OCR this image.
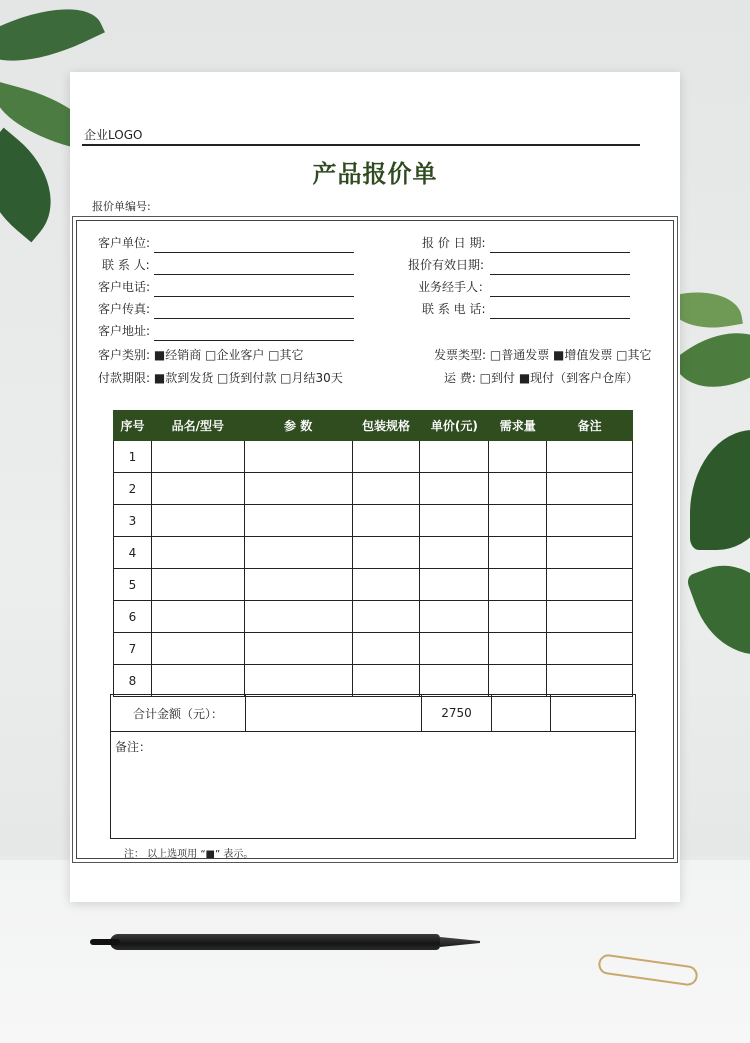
企业LOGO
产品报价单
报价单编号:
客户单位:
联 系 人:
客户电话:
客户传真:
客户地址:
报 价 日 期:
报价有效日期:
业务经手人：
联 系 电 话:
客户类别: ■经销商 □企业客户 □其它	发票类型: □普通发票 ■增值发票 □其它
付款期限: ■款到发货 □货到付款 □月结30天	运 费: □到付 ■现付（到客户仓库）
序号	品名/型号	参 数	包装规格	单价(元)	需求量	备注
1						
2						
3						
4						
5						
6						
7						
8						
合计金额（元）：	2750
备注：
注： 以上选项用 “■” 表示。
